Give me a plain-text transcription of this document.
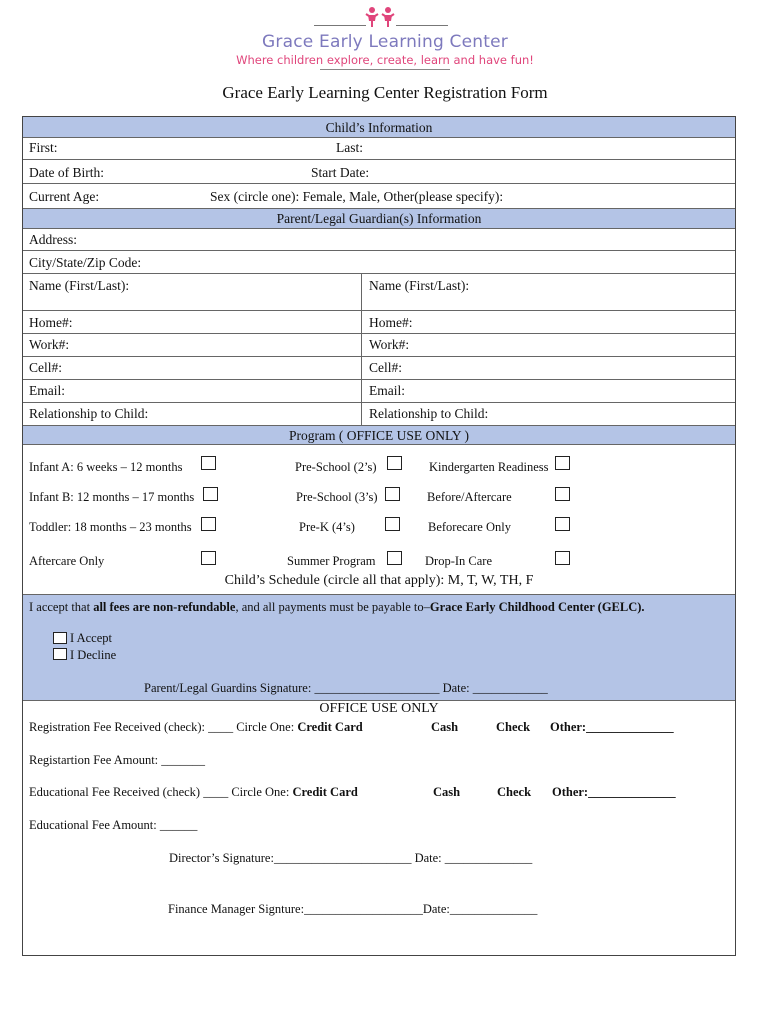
Grace Early Learning Center
Where children explore, create, learn and have fun!
Grace Early Learning Center Registration Form
Child’s Information
First:	Last:
Date of Birth:	Start Date:
Current Age:	Sex (circle one): Female, Male, Other(please specify):
Parent/Legal Guardian(s) Information
Address:
City/State/Zip Code:
Name (First/Last):	Name (First/Last):
Home#:	Home#:
Work#:	Work#:
Cell#:	Cell#:
Email:	Email:
Relationship to Child:	Relationship to Child:
Program ( OFFICE USE ONLY )
Infant A: 6 weeks – 12 months	Pre-School (2’s)	Kindergarten Readiness
Infant B: 12 months – 17 months	Pre-School (3’s)	Before/Aftercare
Toddler: 18 months – 23 months	Pre-K (4’s)	Beforecare Only
Aftercare Only	Summer Program	Drop-In Care
Child’s Schedule (circle all that apply): M, T, W, TH, F
I accept that all fees are non-refundable, and all payments must be payable to–Grace Early Childhood Center (GELC).
I Accept
I Decline
Parent/Legal Guardins Signature: ____________________ Date: ____________
OFFICE USE ONLY
Registration Fee Received (check): ____ Circle One: Credit Card	Cash	Check Other:______________
Registartion Fee Amount: _______
Educational Fee Received (check) ____ Circle One: Credit Card	Cash	Check Other:______________
Educational Fee Amount: ______
Director’s Signature:______________________ Date: ______________
Finance Manager Signture:___________________Date:______________
